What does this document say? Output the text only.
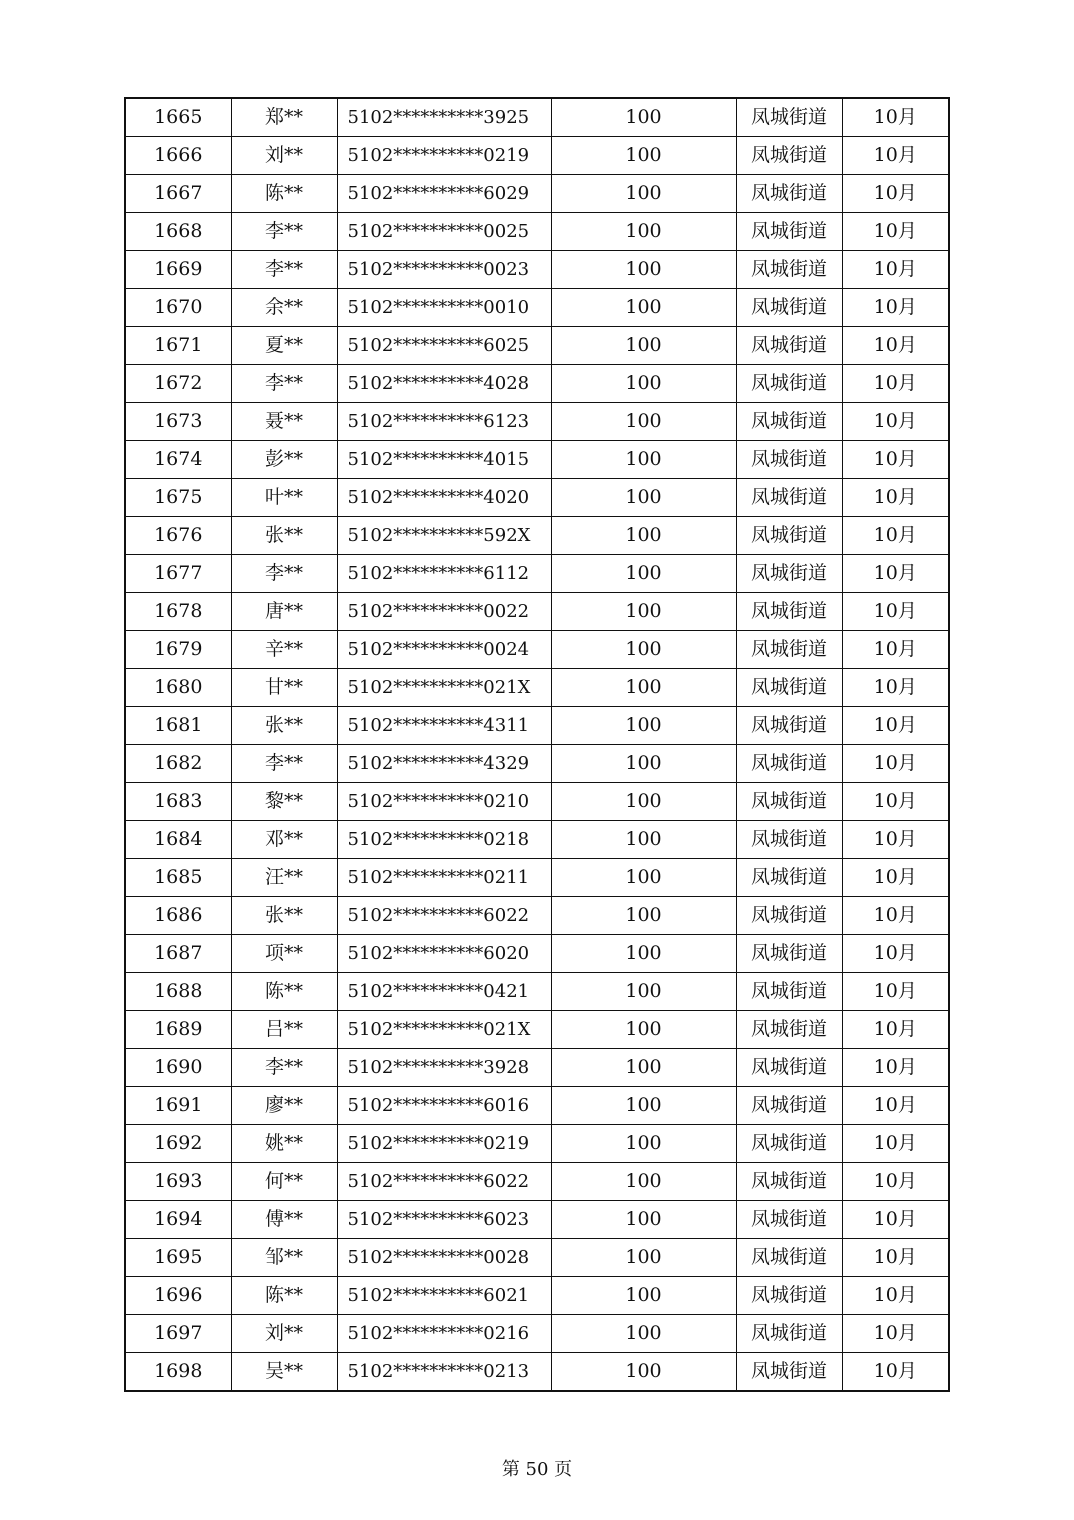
1665	郑**	5102**********3925	100	凤城街道	10月
1666	刘**	5102**********0219	100	凤城街道	10月
1667	陈**	5102**********6029	100	凤城街道	10月
1668	李**	5102**********0025	100	凤城街道	10月
1669	李**	5102**********0023	100	凤城街道	10月
1670	余**	5102**********0010	100	凤城街道	10月
1671	夏**	5102**********6025	100	凤城街道	10月
1672	李**	5102**********4028	100	凤城街道	10月
1673	聂**	5102**********6123	100	凤城街道	10月
1674	彭**	5102**********4015	100	凤城街道	10月
1675	叶**	5102**********4020	100	凤城街道	10月
1676	张**	5102**********592X	100	凤城街道	10月
1677	李**	5102**********6112	100	凤城街道	10月
1678	唐**	5102**********0022	100	凤城街道	10月
1679	辛**	5102**********0024	100	凤城街道	10月
1680	甘**	5102**********021X	100	凤城街道	10月
1681	张**	5102**********4311	100	凤城街道	10月
1682	李**	5102**********4329	100	凤城街道	10月
1683	黎**	5102**********0210	100	凤城街道	10月
1684	邓**	5102**********0218	100	凤城街道	10月
1685	汪**	5102**********0211	100	凤城街道	10月
1686	张**	5102**********6022	100	凤城街道	10月
1687	项**	5102**********6020	100	凤城街道	10月
1688	陈**	5102**********0421	100	凤城街道	10月
1689	吕**	5102**********021X	100	凤城街道	10月
1690	李**	5102**********3928	100	凤城街道	10月
1691	廖**	5102**********6016	100	凤城街道	10月
1692	姚**	5102**********0219	100	凤城街道	10月
1693	何**	5102**********6022	100	凤城街道	10月
1694	傅**	5102**********6023	100	凤城街道	10月
1695	邹**	5102**********0028	100	凤城街道	10月
1696	陈**	5102**********6021	100	凤城街道	10月
1697	刘**	5102**********0216	100	凤城街道	10月
1698	吴**	5102**********0213	100	凤城街道	10月
第 50 页
